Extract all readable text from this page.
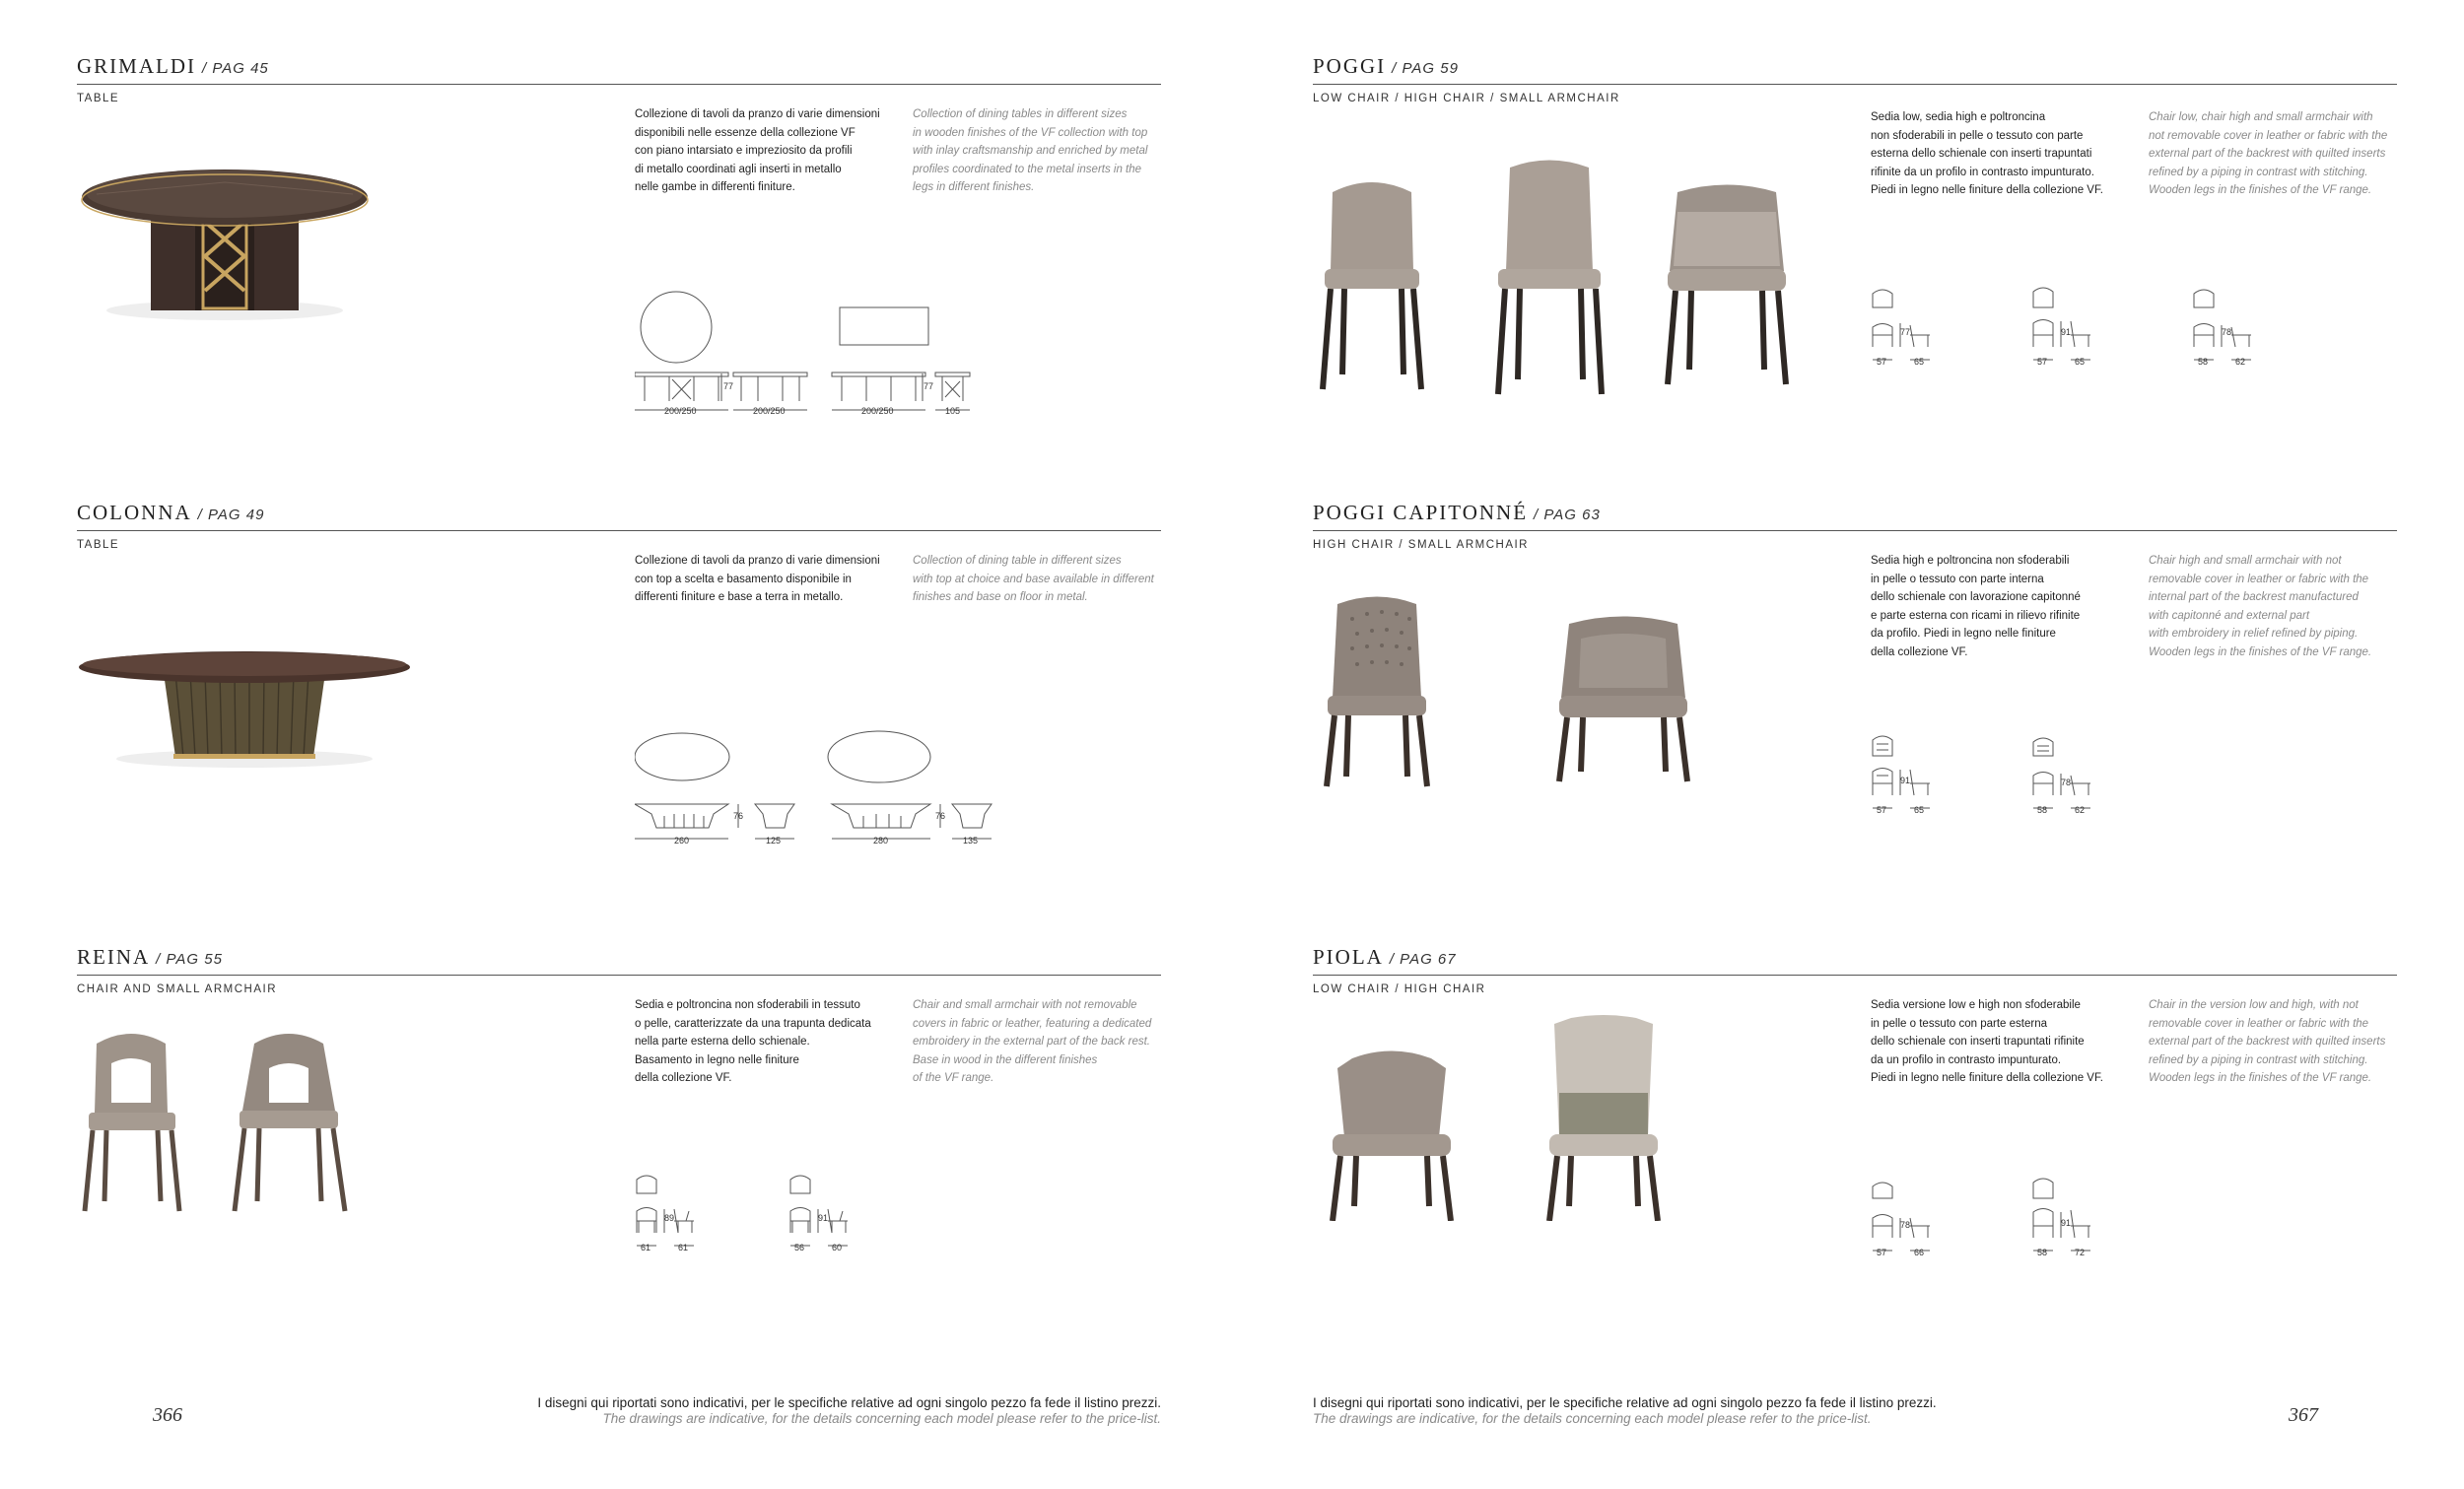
GRIMALDI / PAG 45
TABLE
Collezione di tavoli da pranzo di varie dimensioni
disponibili nelle essenze della collezione VF
con piano intarsiato e impreziosito da profili
di metallo coordinati agli inserti in metallo
nelle gambe in differenti finiture.
Collection of dining tables in different sizes
in wooden finishes of the VF collection with top
with inlay craftsmanship and enriched by metal
profiles coordinated to the metal inserts in the
legs in different finishes.
77
200/250	200/250	200/250
77
105
COLONNA / PAG 49
TABLE
Collezione di tavoli da pranzo di varie dimensioni
con top a scelta e basamento disponibile in
differenti finiture e base a terra in metallo.
Collection of dining table in different sizes
with top at choice and base available in different
finishes and base on floor in metal.
76
260	125
76
280	135
REINA / PAG 55
CHAIR AND SMALL ARMCHAIR
Sedia e poltroncina non sfoderabili in tessuto
o pelle, caratterizzate da una trapunta dedicata
nella parte esterna dello schienale.
Basamento in legno nelle finiture
della collezione VF.
Chair and small armchair with not removable
covers in fabric or leather, featuring a dedicated
embroidery in the external part of the back rest.
Base in wood in the different finishes
of the VF range.
89
61	61
91
56	60
I disegni qui riportati sono indicativi, per le specifiche relative ad ogni singolo pezzo fa fede il listino prezzi.
The drawings are indicative, for the details concerning each model please refer to the price-list.
366
POGGI / PAG 59
LOW CHAIR / HIGH CHAIR / SMALL ARMCHAIR
Sedia low, sedia high e poltroncina
non sfoderabili in pelle o tessuto con parte
esterna dello schienale con inserti trapuntati
rifinite da un profilo in contrasto impunturato.
Piedi in legno nelle finiture della collezione VF.
Chair low, chair high and small armchair with
not removable cover in leather or fabric with the
external part of the backrest with quilted inserts
refined by a piping in contrast with stitching.
Wooden legs in the finishes of the VF range.
77
57	65
91
57	65
78
58	62
POGGI CAPITONNÉ / PAG 63
HIGH CHAIR / SMALL ARMCHAIR
Sedia high e poltroncina non sfoderabili
in pelle o tessuto con parte interna
dello schienale con lavorazione capitonné
e parte esterna con ricami in rilievo rifinite
da profilo. Piedi in legno nelle finiture
della collezione VF.
Chair high and small armchair with not
removable cover in leather or fabric with the
internal part of the backrest manufactured
with capitonné and external part
with embroidery in relief refined by piping.
Wooden legs in the finishes of the VF range.
91
57	65
78
58	62
PIOLA / PAG 67
LOW CHAIR / HIGH CHAIR
Sedia versione low e high non sfoderabile
in pelle o tessuto con parte esterna
dello schienale con inserti trapuntati rifinite
da un profilo in contrasto impunturato.
Piedi in legno nelle finiture della collezione VF.
Chair in the version low and high, with not
removable cover in leather or fabric with the
external part of the backrest with quilted inserts
refined by a piping in contrast with stitching.
Wooden legs in the finishes of the VF range.
78
57	66
91
58	72
I disegni qui riportati sono indicativi, per le specifiche relative ad ogni singolo pezzo fa fede il listino prezzi.
The drawings are indicative, for the details concerning each model please refer to the price-list.	367
